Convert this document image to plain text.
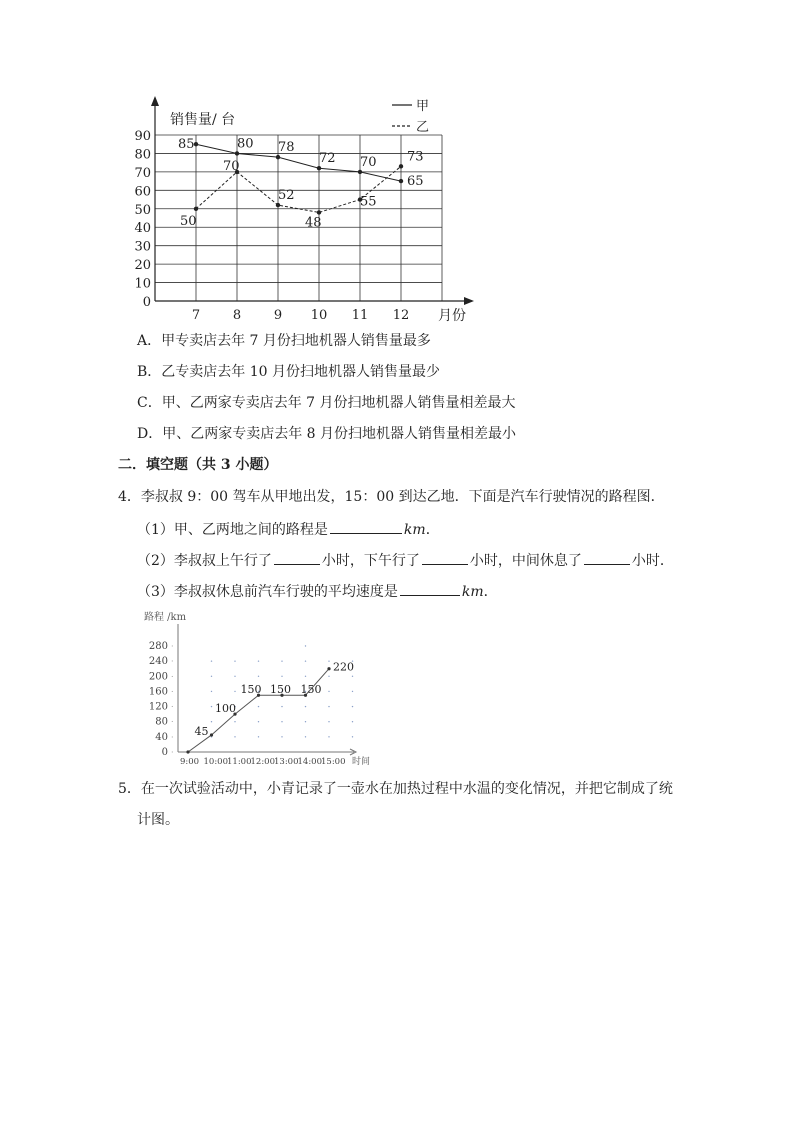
0
10
20
30
40
50
60
70
80
90
7	8	9 10 11 12
85	80 78
72 70
65
50
70
52
48
55
73
销售量/ 台
月份
甲
乙
A．甲专卖店去年 7 月份扫地机器人销售量最多
B．乙专卖店去年 10 月份扫地机器人销售量最少
C．甲、乙两家专卖店去年 7 月份扫地机器人销售量相差最大
D．甲、乙两家专卖店去年 8 月份扫地机器人销售量相差最小
二．填空题（共 3 小题）
4．李叔叔 9：00 驾车从甲地出发，15：00 到达乙地．下面是汽车行驶情况的路程图．
（1）甲、乙两地之间的路程是	km．
（2）李叔叔上午行了	小时，下午行了	小时，中间休息了	小时．
（3）李叔叔休息前汽车行驶的平均速度是	km．
0 ·
40 ·
80 ·
120 ·
160 ·
200 ·
240 ·
280 ·
9:00 10:00 11:00 12:00 13:00 14:00 15:00
45
100
150 150 150
220
路程 /km
时间
5．在一次试验活动中，小青记录了一壶水在加热过程中水温的变化情况，并把它制成了统
计图。
